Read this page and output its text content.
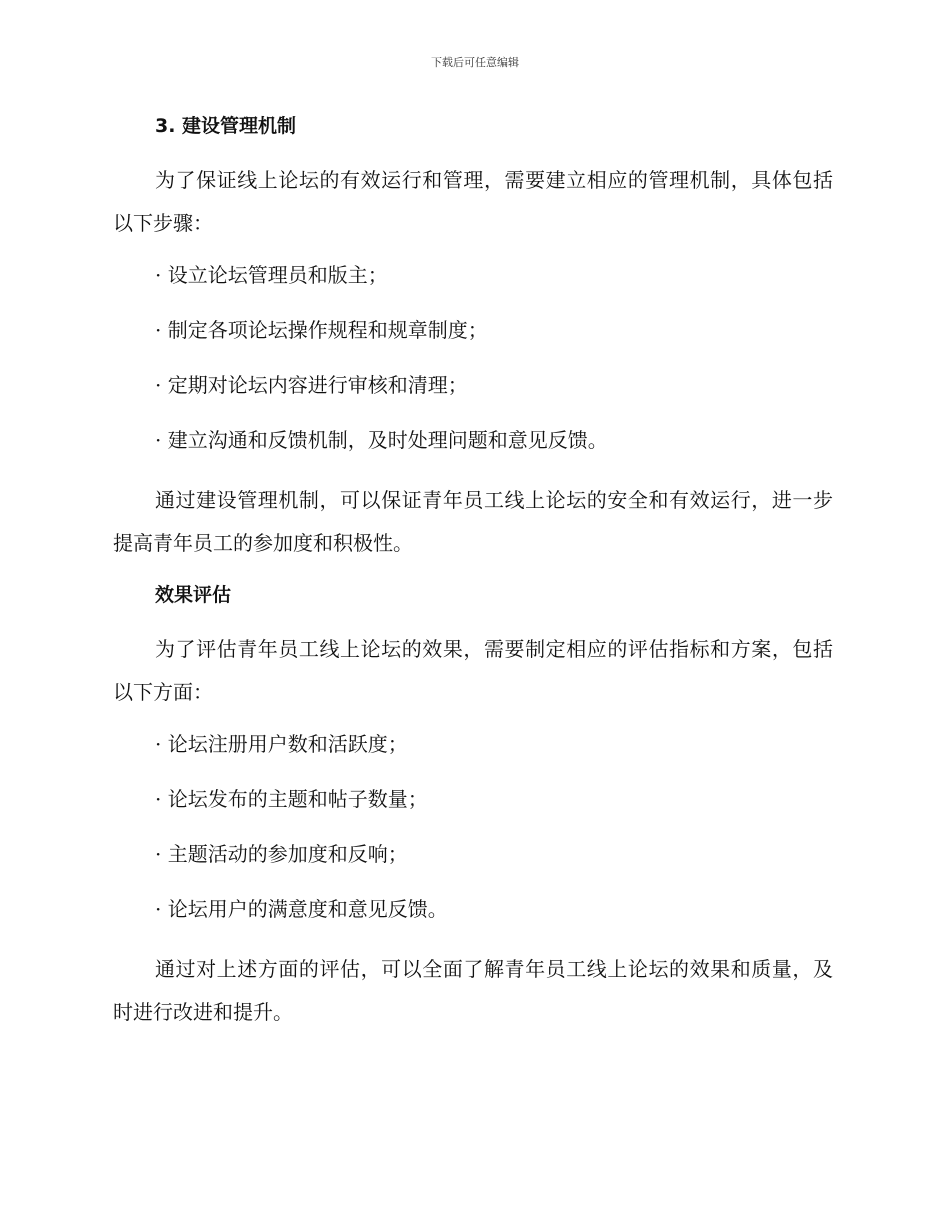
下载后可任意编辑
3. 建设管理机制

为了保证线上论坛的有效运行和管理，需要建立相应的管理机制，具体包括以下步骤：

· 设立论坛管理员和版主；
· 制定各项论坛操作规程和规章制度；
· 定期对论坛内容进行审核和清理；
· 建立沟通和反馈机制，及时处理问题和意见反馈。

通过建设管理机制，可以保证青年员工线上论坛的安全和有效运行，进一步提高青年员工的参加度和积极性。

效果评估

为了评估青年员工线上论坛的效果，需要制定相应的评估指标和方案，包括以下方面：

· 论坛注册用户数和活跃度；
· 论坛发布的主题和帖子数量；
· 主题活动的参加度和反响；
· 论坛用户的满意度和意见反馈。

通过对上述方面的评估，可以全面了解青年员工线上论坛的效果和质量，及时进行改进和提升。
